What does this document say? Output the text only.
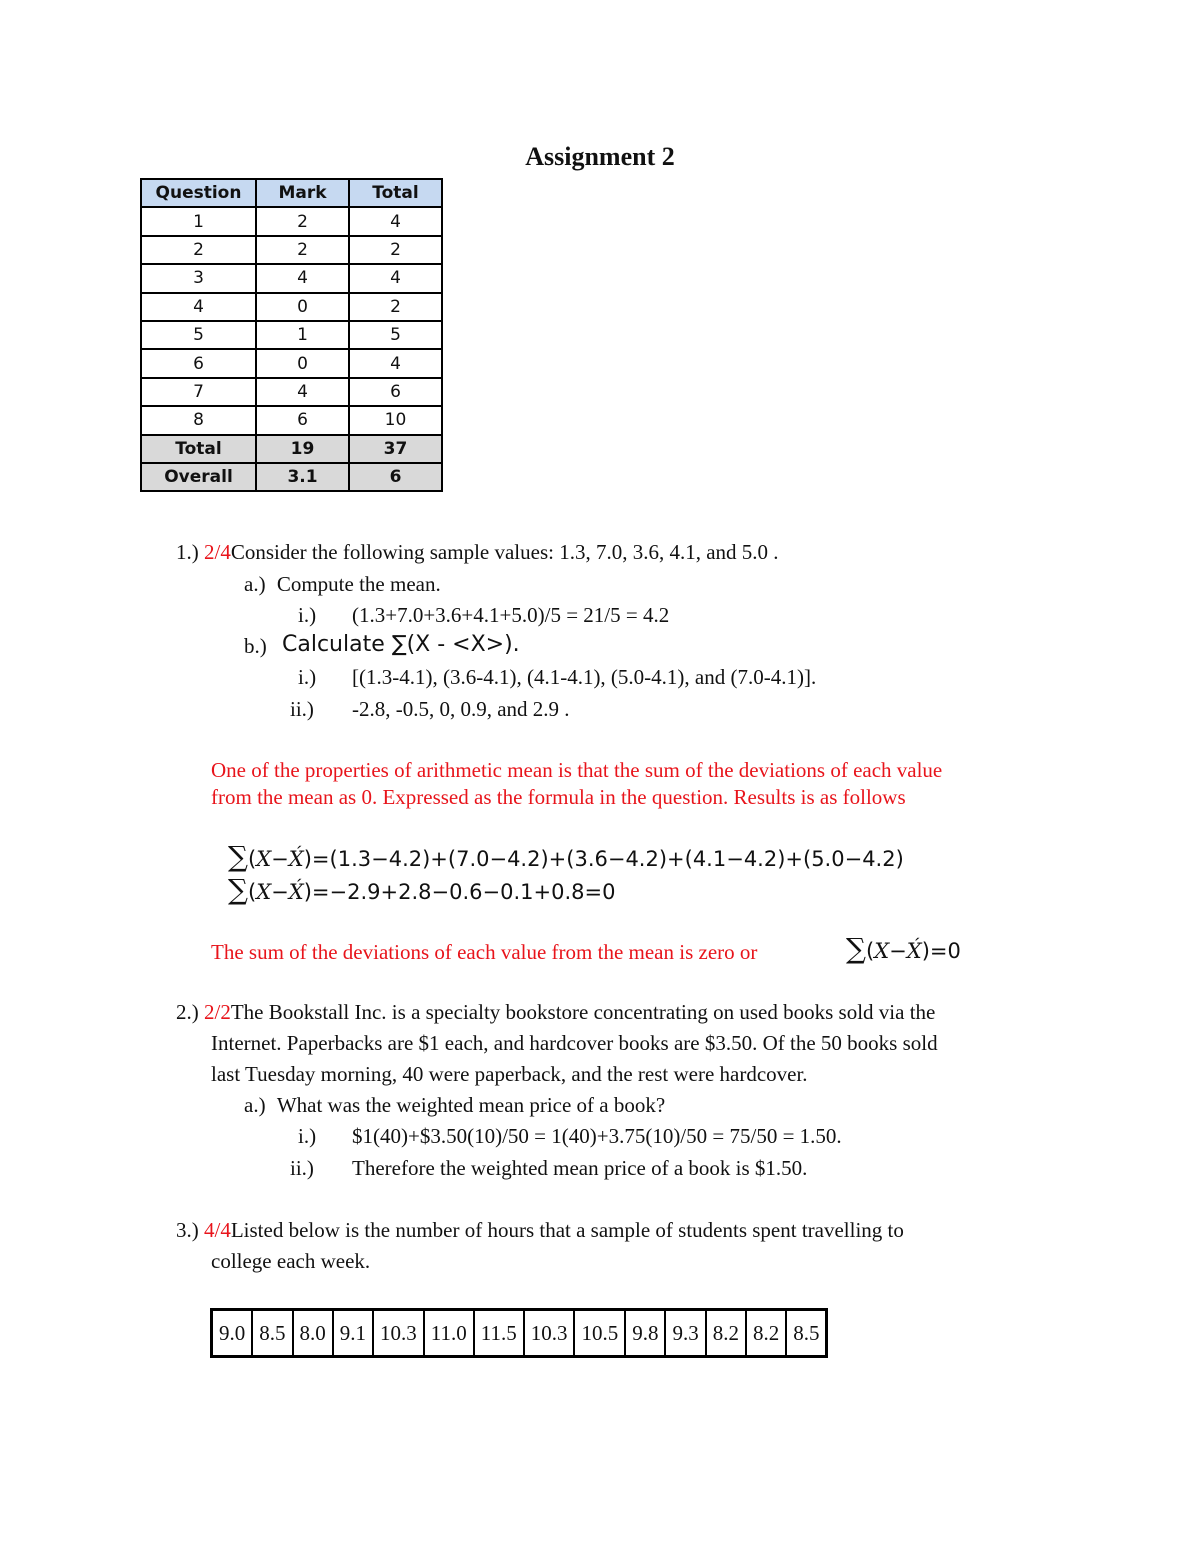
Assignment 2
Question	Mark	Total
1	2	4
2	2	2
3	4	4
4	0	2
5	1	5
6	0	4
7	4	6
8	6	10
Total	19	37
Overall	3.1	6
1.) 2/4Consider the following sample values: 1.3, 7.0, 3.6, 4.1, and 5.0 .
a.) Compute the mean.
i.) (1.3+7.0+3.6+4.1+5.0)/5 = 21/5 = 4.2
b.) Calculate ∑(X - <X>).
i.) [(1.3-4.1), (3.6-4.1), (4.1-4.1), (5.0-4.1), and (7.0-4.1)].
ii.) -2.8, -0.5, 0, 0.9, and 2.9 .
One of the properties of arithmetic mean is that the sum of the deviations of each value
from the mean as 0. Expressed as the formula in the question. Results is as follows
∑(X−X́)=(1.3−4.2)+(7.0−4.2)+(3.6−4.2)+(4.1−4.2)+(5.0−4.2)
∑(X−X́)=−2.9+2.8−0.6−0.1+0.8=0
The sum of the deviations of each value from the mean is zero or	∑(X−X́)=0
2.) 2/2The Bookstall Inc. is a specialty bookstore concentrating on used books sold via the
Internet. Paperbacks are $1 each, and hardcover books are $3.50. Of the 50 books sold
last Tuesday morning, 40 were paperback, and the rest were hardcover.
a.) What was the weighted mean price of a book?
i.) $1(40)+$3.50(10)/50 = 1(40)+3.75(10)/50 = 75/50 = 1.50.
ii.) Therefore the weighted mean price of a book is $1.50.
3.) 4/4Listed below is the number of hours that a sample of students spent travelling to
college each week.
9.0	8.5	8.0	9.1	10.3	11.0	11.5	10.3	10.5	9.8	9.3	8.2	8.2	8.5
